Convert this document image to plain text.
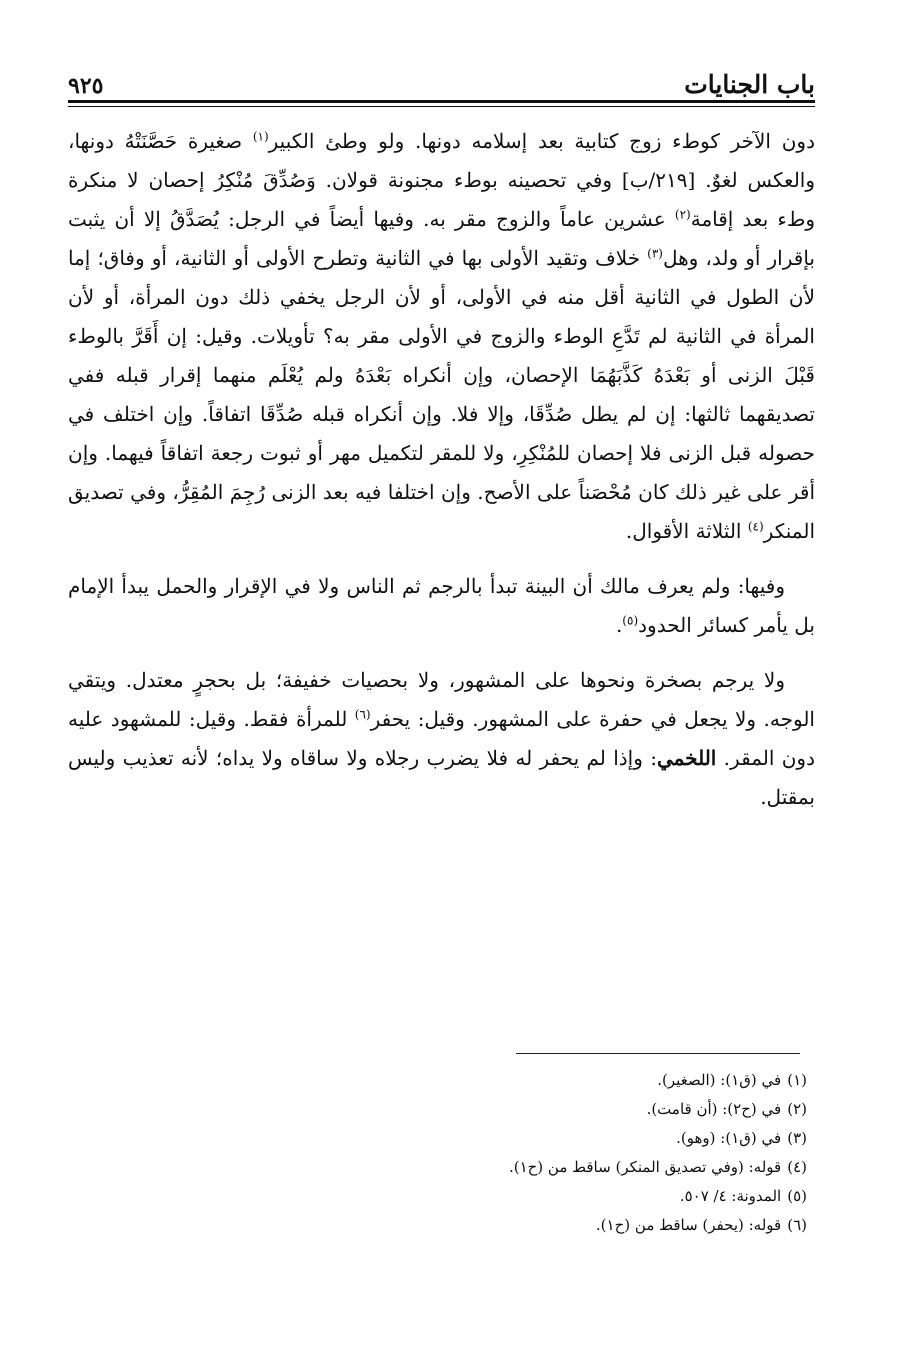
باب الجنايات
٩٢٥

دون الآخر كوطء زوج كتابية بعد إسلامه دونها. ولو وطئ الكبير$^{(١)}$ صغيرة حَصَّنَتْهُ دونها، والعكس لغوٌ. [٢١٩/ب] وفي تحصينه بوطء مجنونة قولان. وَصُدِّقَ مُنْكِرُ إحصان لا منكرة وطء بعد إقامة$^{(٢)}$ عشرين عاماً والزوج مقر به. وفيها أيضاً في الرجل: يُصَدَّقُ إلا أن يثبت بإقرار أو ولد، وهل$^{(٣)}$ خلاف وتقيد الأولى بها في الثانية وتطرح الأولى أو الثانية، أو وفاق؛ إما لأن الطول في الثانية أقل منه في الأولى، أو لأن الرجل يخفي ذلك دون المرأة، أو لأن المرأة في الثانية لم تَدَّعِ الوطء والزوج في الأولى مقر به؟ تأويلات. وقيل: إن أَقَرَّ بالوطء قَبْلَ الزنى أو بَعْدَهُ كَذَّبَهُمَا الإحصان، وإن أنكراه بَعْدَهُ ولم يُعْلَم منهما إقرار قبله ففي تصديقهما ثالثها: إن لم يطل صُدِّقَا، وإلا فلا. وإن أنكراه قبله صُدِّقَا اتفاقاً. وإن اختلف في حصوله قبل الزنى فلا إحصان للمُنْكِرِ، ولا للمقر لتكميل مهر أو ثبوت رجعة اتفاقاً فيهما. وإن أقر على غير ذلك كان مُحْصَناً على الأصح. وإن اختلفا فيه بعد الزنى رُجِمَ المُقِرُّ، وفي تصديق المنكر$^{(٤)}$ الثلاثة الأقوال.

وفيها: ولم يعرف مالك أن البينة تبدأ بالرجم ثم الناس ولا في الإقرار والحمل يبدأ الإمام بل يأمر كسائر الحدود$^{(٥)}$.

ولا يرجم بصخرة ونحوها على المشهور، ولا بحصيات خفيفة؛ بل بحجرٍ معتدل. ويتقي الوجه. ولا يجعل في حفرة على المشهور. وقيل: يحفر$^{(٦)}$ للمرأة فقط. وقيل: للمشهود عليه دون المقر. اللخمي: وإذا لم يحفر له فلا يضرب رجلاه ولا ساقاه ولا يداه؛ لأنه تعذيب وليس بمقتل.

(١)في (ق١): (الصغير).
(٢)في (ح٢): (أن قامت).
(٣)في (ق١): (وهو).
(٤)قوله: (وفي تصديق المنكر) ساقط من (ح١).
(٥)المدونة: ٤/ ٥٠٧.
(٦)قوله: (يحفر) ساقط من (ح١).
